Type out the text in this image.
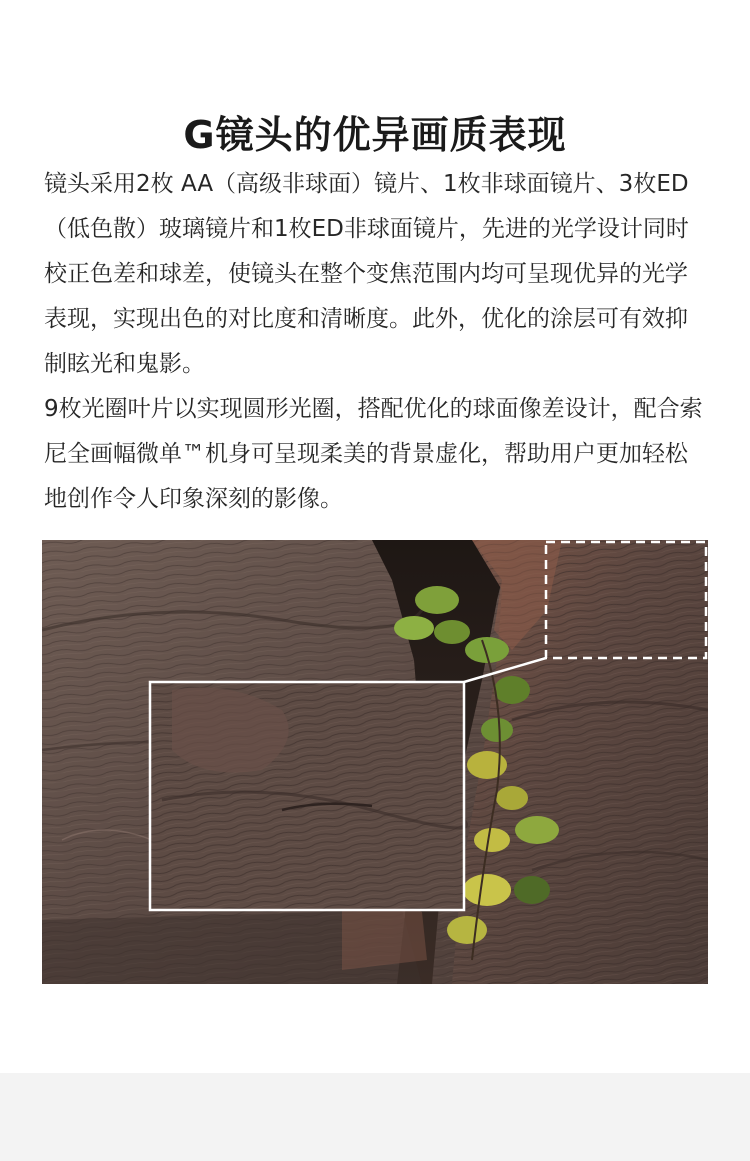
G镜头的优异画质表现

镜头采用2枚 AA（高级非球面）镜片、1枚非球面镜片、3枚ED（低色散）玻璃镜片和1枚ED非球面镜片，先进的光学设计同时校正色差和球差，使镜头在整个变焦范围内均可呈现优异的光学表现，实现出色的对比度和清晰度。此外，优化的涂层可有效抑制眩光和鬼影。

9枚光圈叶片以实现圆形光圈，搭配优化的球面像差设计，配合索尼全画幅微单™机身可呈现柔美的背景虚化，帮助用户更加轻松地创作令人印象深刻的影像。
